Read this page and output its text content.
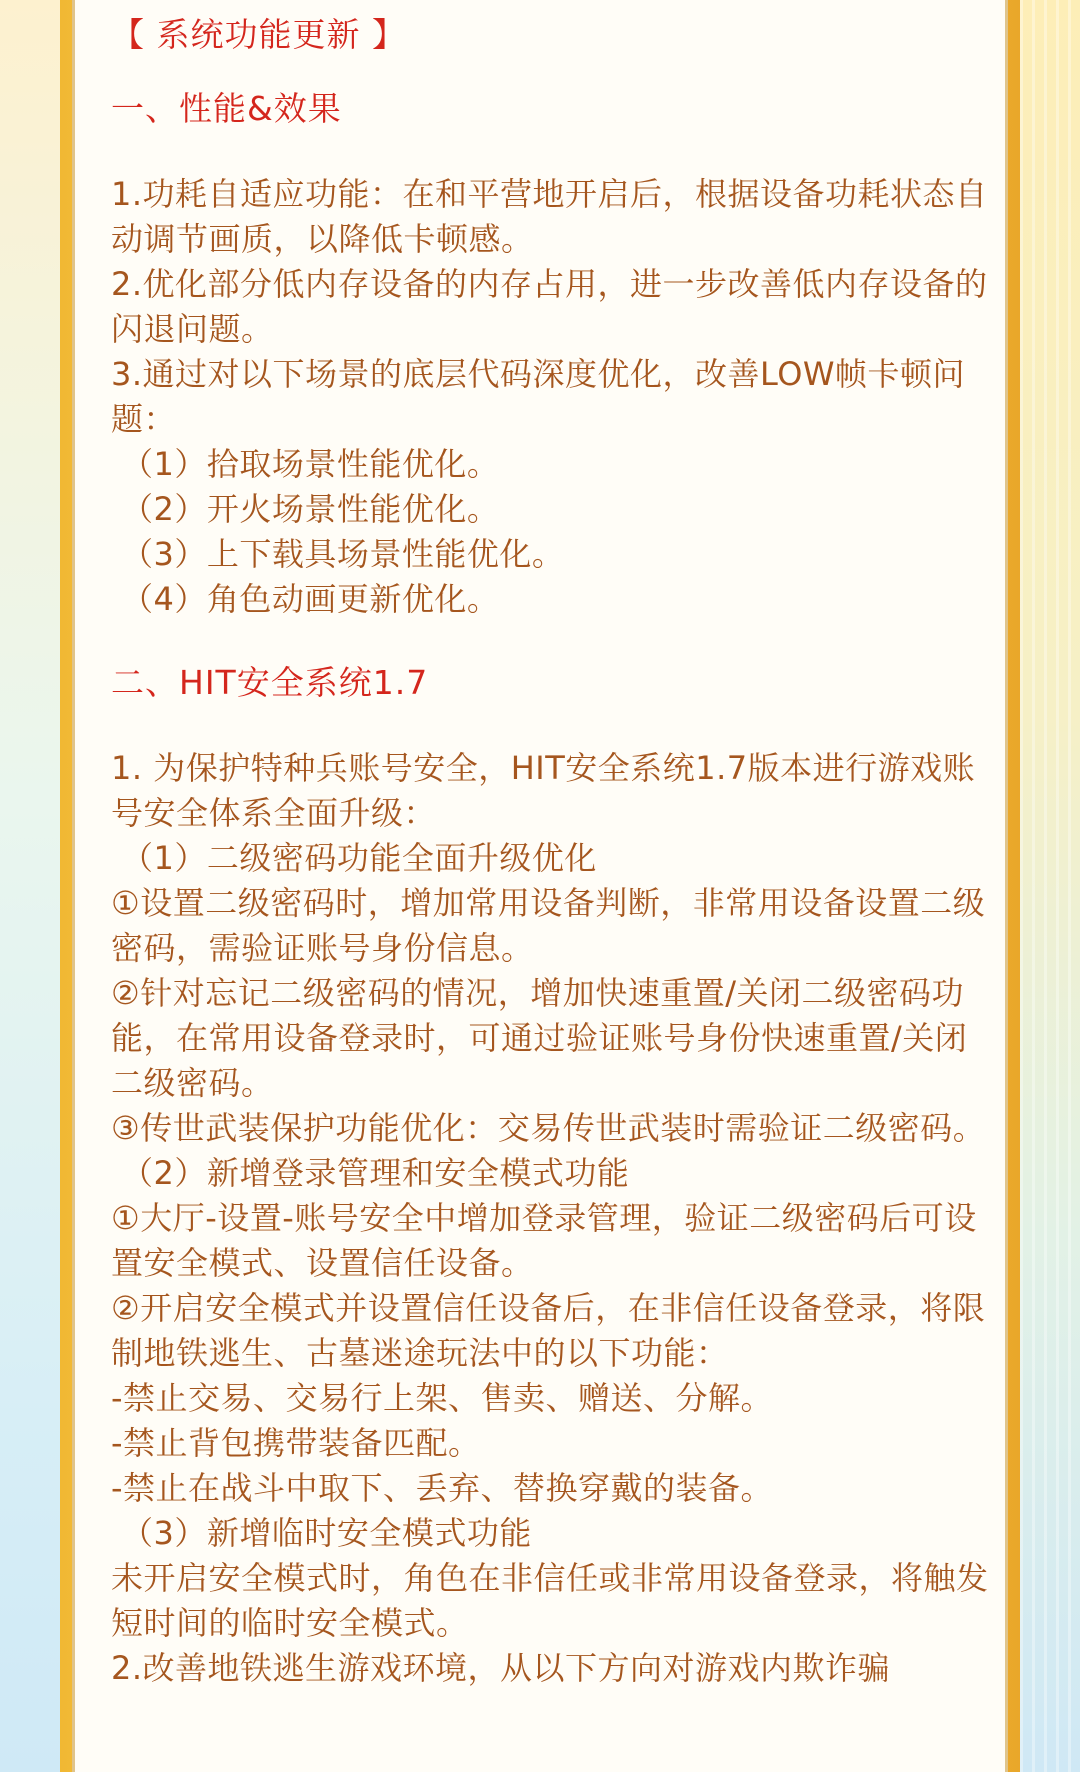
【 系统功能更新 】
一、性能&效果

1.功耗自适应功能：在和平营地开启后，根据设备功耗状态自动调节画质，以降低卡顿感。

2.优化部分低内存设备的内存占用，进一步改善低内存设备的闪退问题。

3.通过对以下场景的底层代码深度优化，改善LOW帧卡顿问题：

（1）拾取场景性能优化。

（2）开火场景性能优化。

（3）上下载具场景性能优化。

（4）角色动画更新优化。

二、HIT安全系统1.7

1. 为保护特种兵账号安全，HIT安全系统1.7版本进行游戏账号安全体系全面升级：

（1）二级密码功能全面升级优化

①设置二级密码时，增加常用设备判断，非常用设备设置二级密码，需验证账号身份信息。

②针对忘记二级密码的情况，增加快速重置/关闭二级密码功能，在常用设备登录时，可通过验证账号身份快速重置/关闭二级密码。

③传世武装保护功能优化：交易传世武装时需验证二级密码。

（2）新增登录管理和安全模式功能

①大厅-设置-账号安全中增加登录管理，验证二级密码后可设置安全模式、设置信任设备。

②开启安全模式并设置信任设备后，在非信任设备登录，将限制地铁逃生、古墓迷途玩法中的以下功能：

-禁止交易、交易行上架、售卖、赠送、分解。

-禁止背包携带装备匹配。

-禁止在战斗中取下、丢弃、替换穿戴的装备。

（3）新增临时安全模式功能

未开启安全模式时，角色在非信任或非常用设备登录，将触发短时间的临时安全模式。

2.改善地铁逃生游戏环境，从以下方向对游戏内欺诈骗
